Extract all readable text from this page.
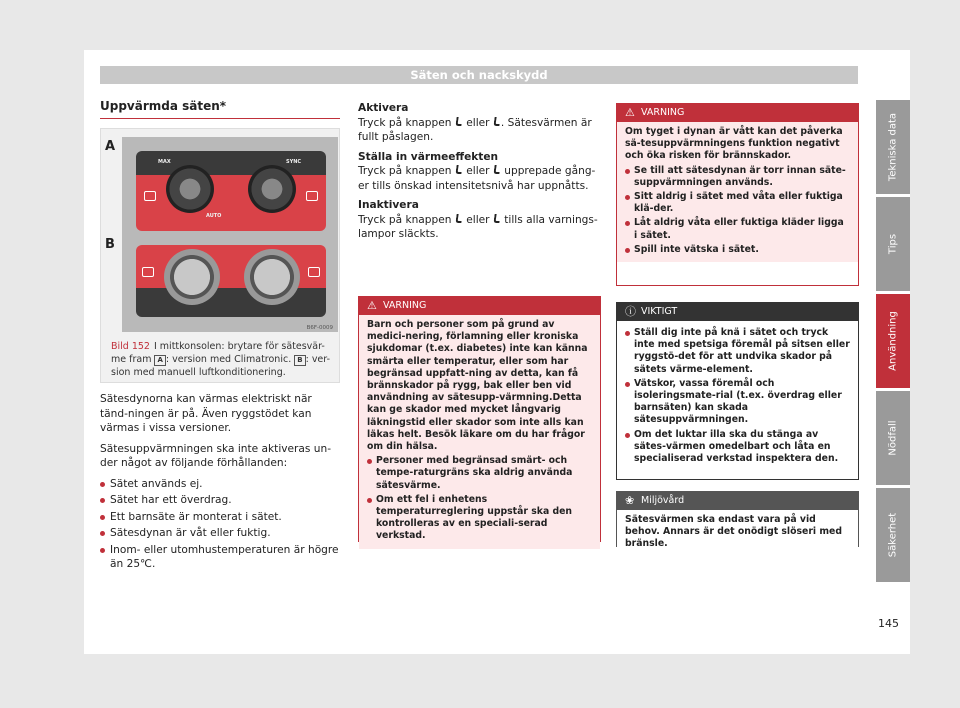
Säten och nackskydd
Uppvärmda säten*
A
B
MAX	SYNC
AUTO
B6F-0009
Bild 152 I mittkonsolen: brytare för sätesvär-me fram A : version med Climatronic. B : ver-sion med manuell luftkonditionering.

Sätesdynorna kan värmas elektriskt när tänd-ningen är på. Även ryggstödet kan värmas i vissa versioner.

Sätesuppvärmningen ska inte aktiveras un-der något av följande förhållanden:

Sätet används ej.
Sätet har ett överdrag.
Ett barnsäte är monterat i sätet.
Sätesdynan är våt eller fuktig.
Inom- eller utomhustemperaturen är högre än 25℃.
Aktivera

Tryck på knappen eller . Sätesvärmen är fullt påslagen.

Ställa in värmeeffekten

Tryck på knappen eller upprepade gång-er tills önskad intensitetsnivå har uppnåtts.

Inaktivera

Tryck på knappen eller tills alla varnings-lampor släckts.

⚠ VARNING
Barn och personer som på grund av medici-nering, förlamning eller kroniska sjukdomar (t.ex. diabetes) inte kan känna smärta eller temperatur, eller som har begränsad uppfatt-ning av detta, kan få brännskador på rygg, bak eller ben vid användning av sätesupp-värmning.Detta kan ge skador med mycket långvarig läkningstid eller skador som inte alls kan läkas helt. Besök läkare om du har frågor om din hälsa.
Personer med begränsad smärt- och tempe-raturgräns ska aldrig använda sätesvärme.
Om ett fel i enhetens temperaturreglering uppstår ska den kontrolleras av en speciali-serad verkstad.
⚠ VARNING
Om tyget i dynan är vått kan det påverka sä-tesuppvärmningens funktion negativt och öka risken för brännskador.
Se till att sätesdynan är torr innan säte-suppvärmningen används.
Sitt aldrig i sätet med våta eller fuktiga klä-der.
Låt aldrig våta eller fuktiga kläder ligga i sätet.
Spill inte vätska i sätet.
ⓘ VIKTIGT
Ställ dig inte på knä i sätet och tryck inte med spetsiga föremål på sitsen eller ryggstö-det för att undvika skador på sätets värme-element.
Vätskor, vassa föremål och isoleringsmate-rial (t.ex. överdrag eller barnsäten) kan skada sätesuppvärmningen.
Om det luktar illa ska du stänga av sätes-värmen omedelbart och låta en specialiserad verkstad inspektera den.
❀ Miljövård
Sätesvärmen ska endast vara på vid behov. Annars är det onödigt slöseri med bränsle.
Tekniska data
Tips
Användning
Nödfall
Säkerhet
145
